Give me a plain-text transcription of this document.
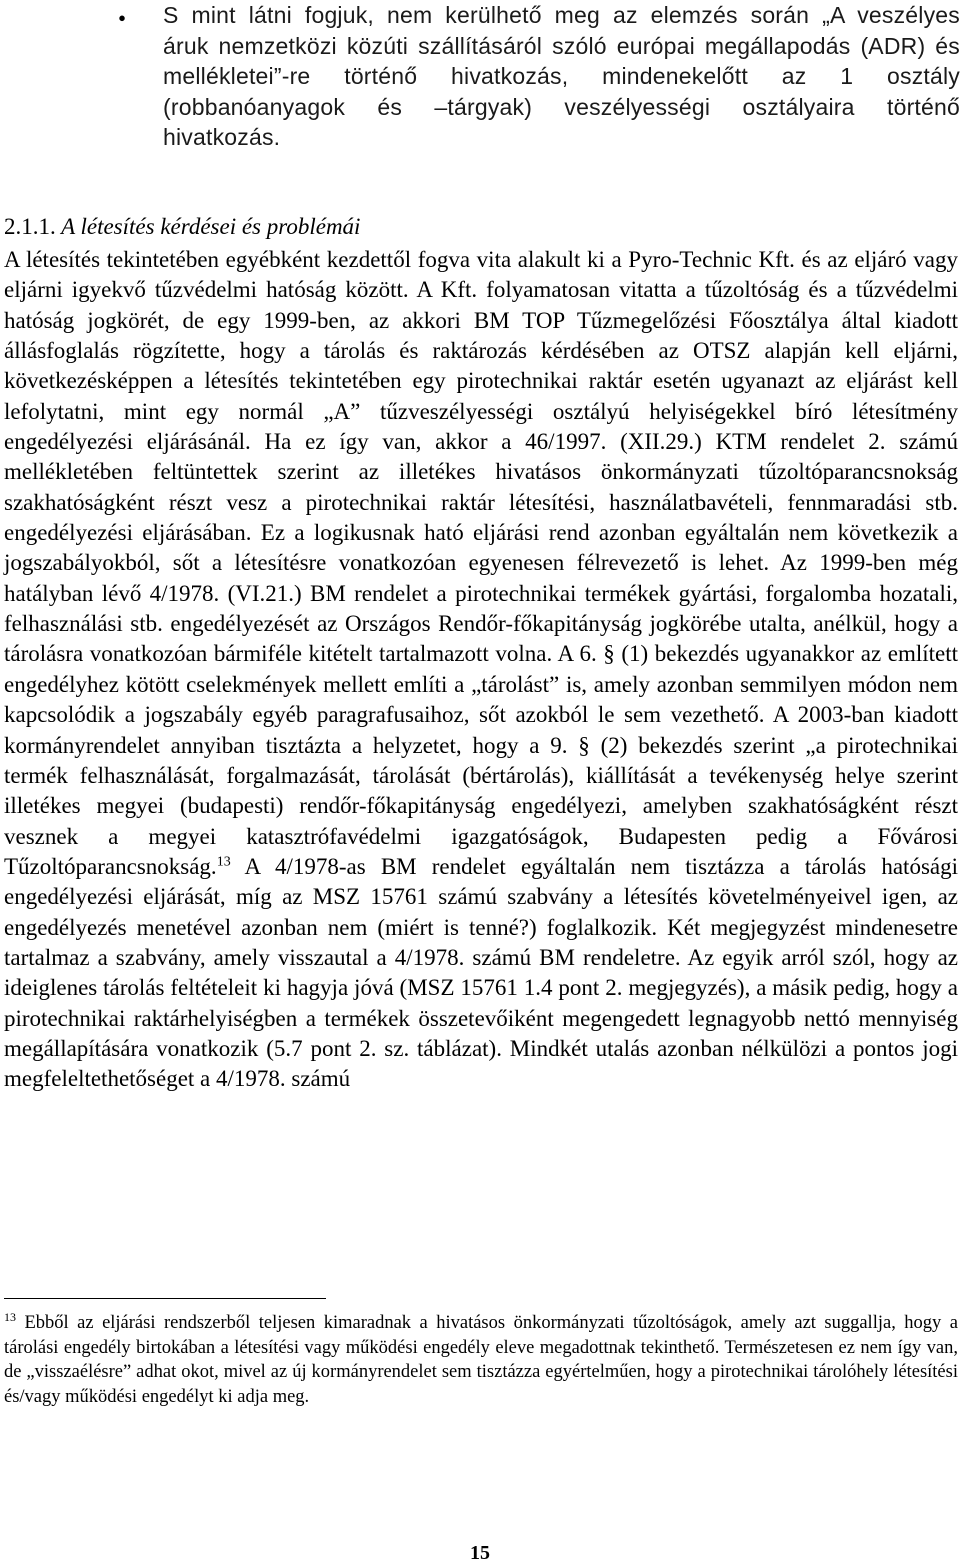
• S mint látni fogjuk, nem kerülhető meg az elemzés során „A veszélyes áruk nemzetközi közúti szállításáról szóló európai megállapodás (ADR) és mellékletei”-re történő hivatkozás, mindenekelőtt az 1 osztály (robbanóanyagok és –tárgyak) veszélyességi osztályaira történő hivatkozás.
2.1.1. A létesítés kérdései és problémái

A létesítés tekintetében egyébként kezdettől fogva vita alakult ki a Pyro-Technic Kft. és az eljáró vagy eljárni igyekvő tűzvédelmi hatóság között. A Kft. folyamatosan vitatta a tűzoltóság és a tűzvédelmi hatóság jogkörét, de egy 1999-ben, az akkori BM TOP Tűzmegelőzési Főosztálya által kiadott állásfoglalás rögzítette, hogy a tárolás és raktározás kérdésében az OTSZ alapján kell eljárni, következésképpen a létesítés tekintetében egy pirotechnikai raktár esetén ugyanazt az eljárást kell lefolytatni, mint egy normál „A” tűzveszélyességi osztályú helyiségekkel bíró létesítmény engedélyezési eljárásánál. Ha ez így van, akkor a 46/1997. (XII.29.) KTM rendelet 2. számú mellékletében feltüntettek szerint az illetékes hivatásos önkormányzati tűzoltóparancsnokság szakhatóságként részt vesz a pirotechnikai raktár létesítési, használatbavételi, fennmaradási stb. engedélyezési eljárásában. Ez a logikusnak ható eljárási rend azonban egyáltalán nem következik a jogszabályokból, sőt a létesítésre vonatkozóan egyenesen félrevezető is lehet. Az 1999-ben még hatályban lévő 4/1978. (VI.21.) BM rendelet a pirotechnikai termékek gyártási, forgalomba hozatali, felhasználási stb. engedélyezését az Országos Rendőr-főkapitányság jogkörébe utalta, anélkül, hogy a tárolásra vonatkozóan bármiféle kitételt tartalmazott volna. A 6. § (1) bekezdés ugyanakkor az említett engedélyhez kötött cselekmények mellett említi a „tárolást” is, amely azonban semmilyen módon nem kapcsolódik a jogszabály egyéb paragrafusaihoz, sőt azokból le sem vezethető. A 2003-ban kiadott kormányrendelet annyiban tisztázta a helyzetet, hogy a 9. § (2) bekezdés szerint „a pirotechnikai termék felhasználását, forgalmazását, tárolását (bértárolás), kiállítását a tevékenység helye szerint illetékes megyei (budapesti) rendőr-főkapitányság engedélyezi, amelyben szakhatóságként részt vesznek a megyei katasztrófavédelmi igazgatóságok, Budapesten pedig a Fővárosi Tűzoltóparancsnokság.$^{13}$ A 4/1978-as BM rendelet egyáltalán nem tisztázza a tárolás hatósági engedélyezési eljárását, míg az MSZ 15761 számú szabvány a létesítés követelményeivel igen, az engedélyezés menetével azonban nem (miért is tenné?) foglalkozik. Két megjegyzést mindenesetre tartalmaz a szabvány, amely visszautal a 4/1978. számú BM rendeletre. Az egyik arról szól, hogy az ideiglenes tárolás feltételeit ki hagyja jóvá (MSZ 15761 1.4 pont 2. megjegyzés), a másik pedig, hogy a pirotechnikai raktárhelyiségben a termékek összetevőiként megengedett legnagyobb nettó mennyiség megállapítására vonatkozik (5.7 pont 2. sz. táblázat). Mindkét utalás azonban nélkülözi a pontos jogi megfeleltethetőséget a 4/1978. számú

$^{13}$ Ebből az eljárási rendszerből teljesen kimaradnak a hivatásos önkormányzati tűzoltóságok, amely azt suggallja, hogy a tárolási engedély birtokában a létesítési vagy működési engedély eleve megadottnak tekinthető. Természetesen ez nem így van, de „visszaélésre” adhat okot, mivel az új kormányrendelet sem tisztázza egyértelműen, hogy a pirotechnikai tárolóhely létesítési és/vagy működési engedélyt ki adja meg.
15
